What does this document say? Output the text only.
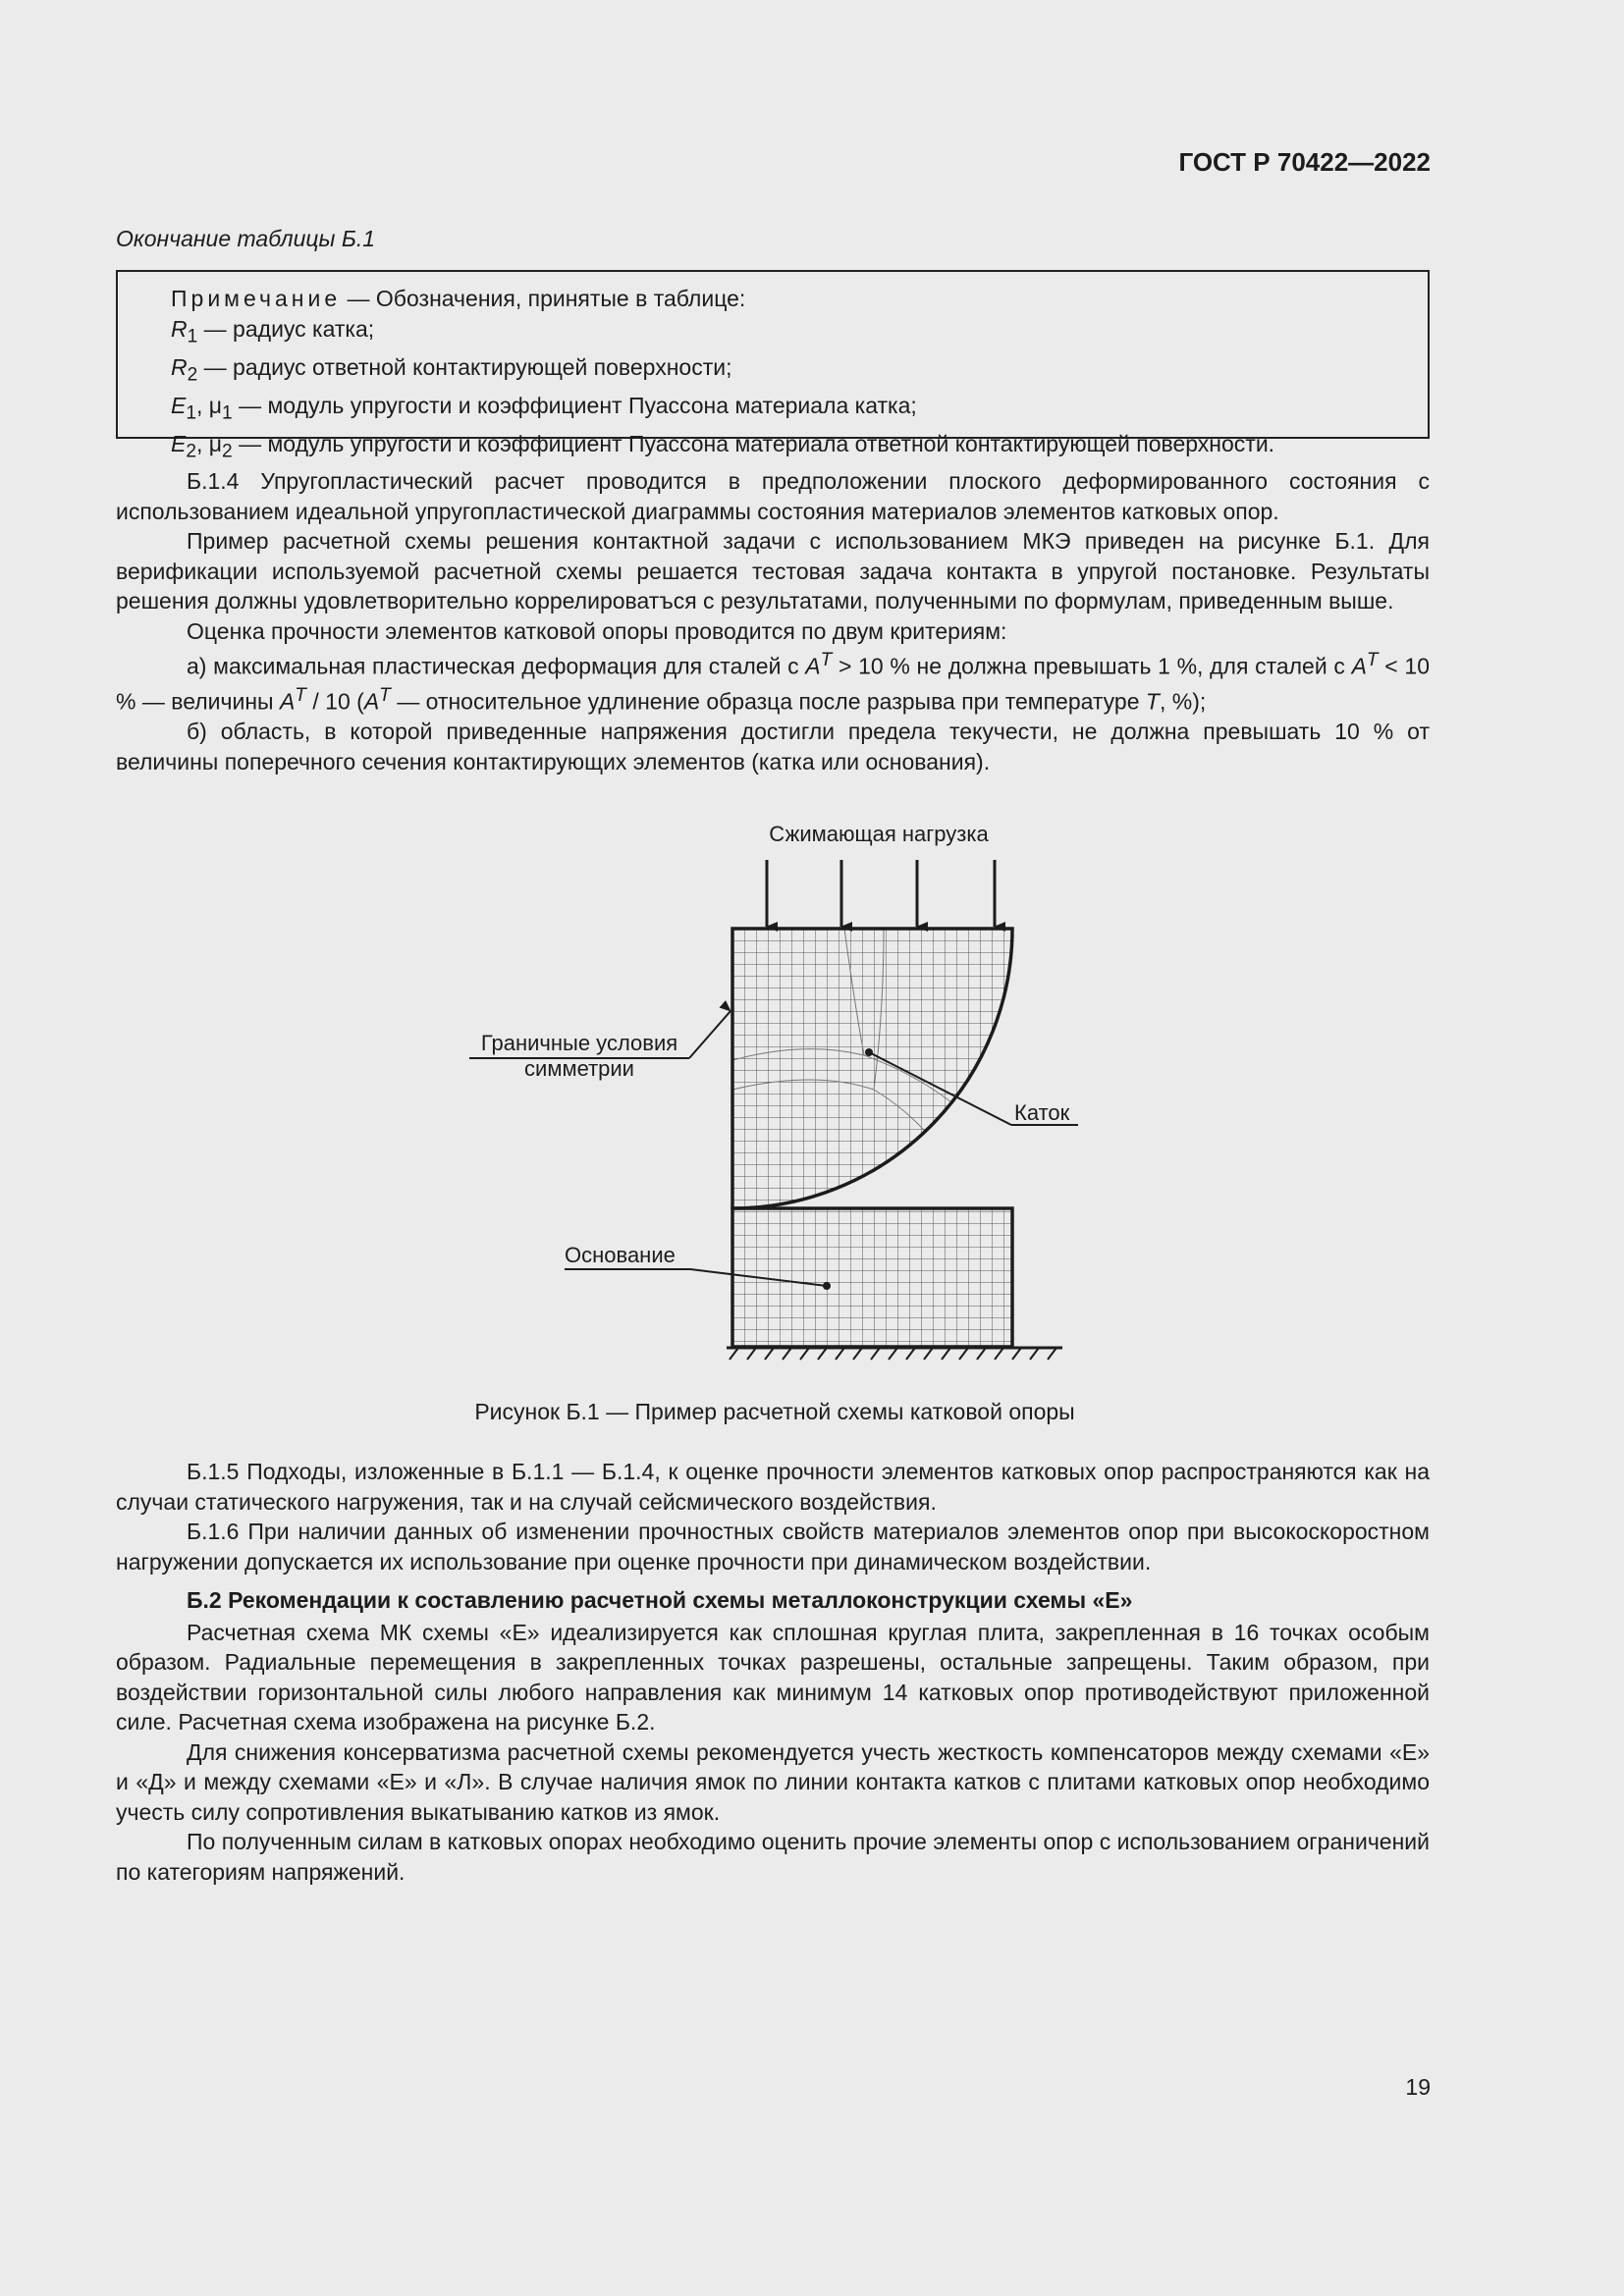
ГОСТ Р 70422—2022
Окончание таблицы Б.1
Примечание — Обозначения, принятые в таблице:
$R_1$ — радиус катка;
$R_2$ — радиус ответной контактирующей поверхности;
$E_1$, $\mu_1$ — модуль упругости и коэффициент Пуассона материала катка;
$E_2$, $\mu_2$ — модуль упругости и коэффициент Пуассона материала ответной контактирующей поверхности.

Б.1.4 Упругопластический расчет проводится в предположении плоского деформированного состояния с использованием идеальной упругопластической диаграммы состояния материалов элементов катковых опор.

Пример расчетной схемы решения контактной задачи с использованием МКЭ приведен на рисунке Б.1. Для верификации используемой расчетной схемы решается тестовая задача контакта в упругой постановке. Результаты решения должны удовлетворительно коррелироватъся с результатами, полученными по формулам, приведенным выше.

Оценка прочности элементов катковой опоры проводится по двум критериям:

а) максимальная пластическая деформация для сталей с $A^T > 10$ % не должна превышать 1 %, для сталей с $A^T < 10$ % — величины $A^T / 10$ ($A^T$ — относительное удлинение образца после разрыва при температуре T, %);

б) область, в которой приведенные напряжения достигли предела текучести, не должна превышать 10 % от величины поперечного сечения контактирующих элементов (катка или основания).

Сжимающая нагрузка
Граничные условия
симметрии
Каток
Основание
Рисунок Б.1 — Пример расчетной схемы катковой опоры

Б.1.5 Подходы, изложенные в Б.1.1 — Б.1.4, к оценке прочности элементов катковых опор распространяются как на случаи статического нагружения, так и на случай сейсмического воздействия.

Б.1.6 При наличии данных об изменении прочностных свойств материалов элементов опор при высокоскоростном нагружении допускается их использование при оценке прочности при динамическом воздействии.

Б.2 Рекомендации к составлению расчетной схемы металлоконструкции схемы «Е»

Расчетная схема МК схемы «Е» идеализируется как сплошная круглая плита, закрепленная в 16 точках особым образом. Радиальные перемещения в закрепленных точках разрешены, остальные запрещены. Таким образом, при воздействии горизонтальной силы любого направления как минимум 14 катковых опор противодействуют приложенной силе. Расчетная схема изображена на рисунке Б.2.

Для снижения консерватизма расчетной схемы рекомендуется учесть жесткость компенсаторов между схемами «Е» и «Д» и между схемами «Е» и «Л». В случае наличия ямок по линии контакта катков с плитами катковых опор необходимо учесть силу сопротивления выкатыванию катков из ямок.

По полученным силам в катковых опорах необходимо оценить прочие элементы опор с использованием ограничений по категориям напряжений.

19
